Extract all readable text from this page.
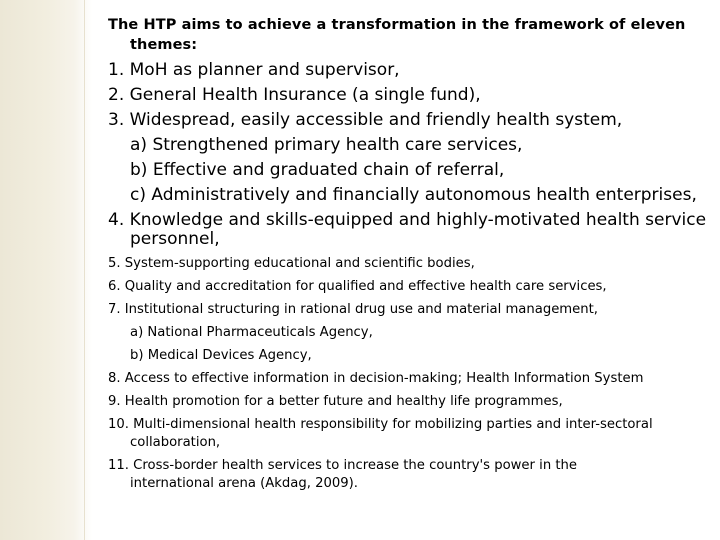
The HTP aims to achieve a transformation in the framework of eleven
themes:
1. MoH as planner and supervisor,
2. General Health Insurance (a single fund),
3. Widespread, easily accessible and friendly health system,
a) Strengthened primary health care services,
b) Effective and graduated chain of referral,
c) Administratively and financially autonomous health enterprises,
4. Knowledge and skills-equipped and highly-motivated health service
personnel,
5. System-supporting educational and scientific bodies,
6. Quality and accreditation for qualified and effective health care services,
7. Institutional structuring in rational drug use and material management,
a) National Pharmaceuticals Agency,
b) Medical Devices Agency,
8. Access to effective information in decision-making; Health Information System
9. Health promotion for a better future and healthy life programmes,
10. Multi-dimensional health responsibility for mobilizing parties and inter-sectoral
collaboration,
11. Cross-border health services to increase the country's power in the
international arena (Akdag, 2009).
